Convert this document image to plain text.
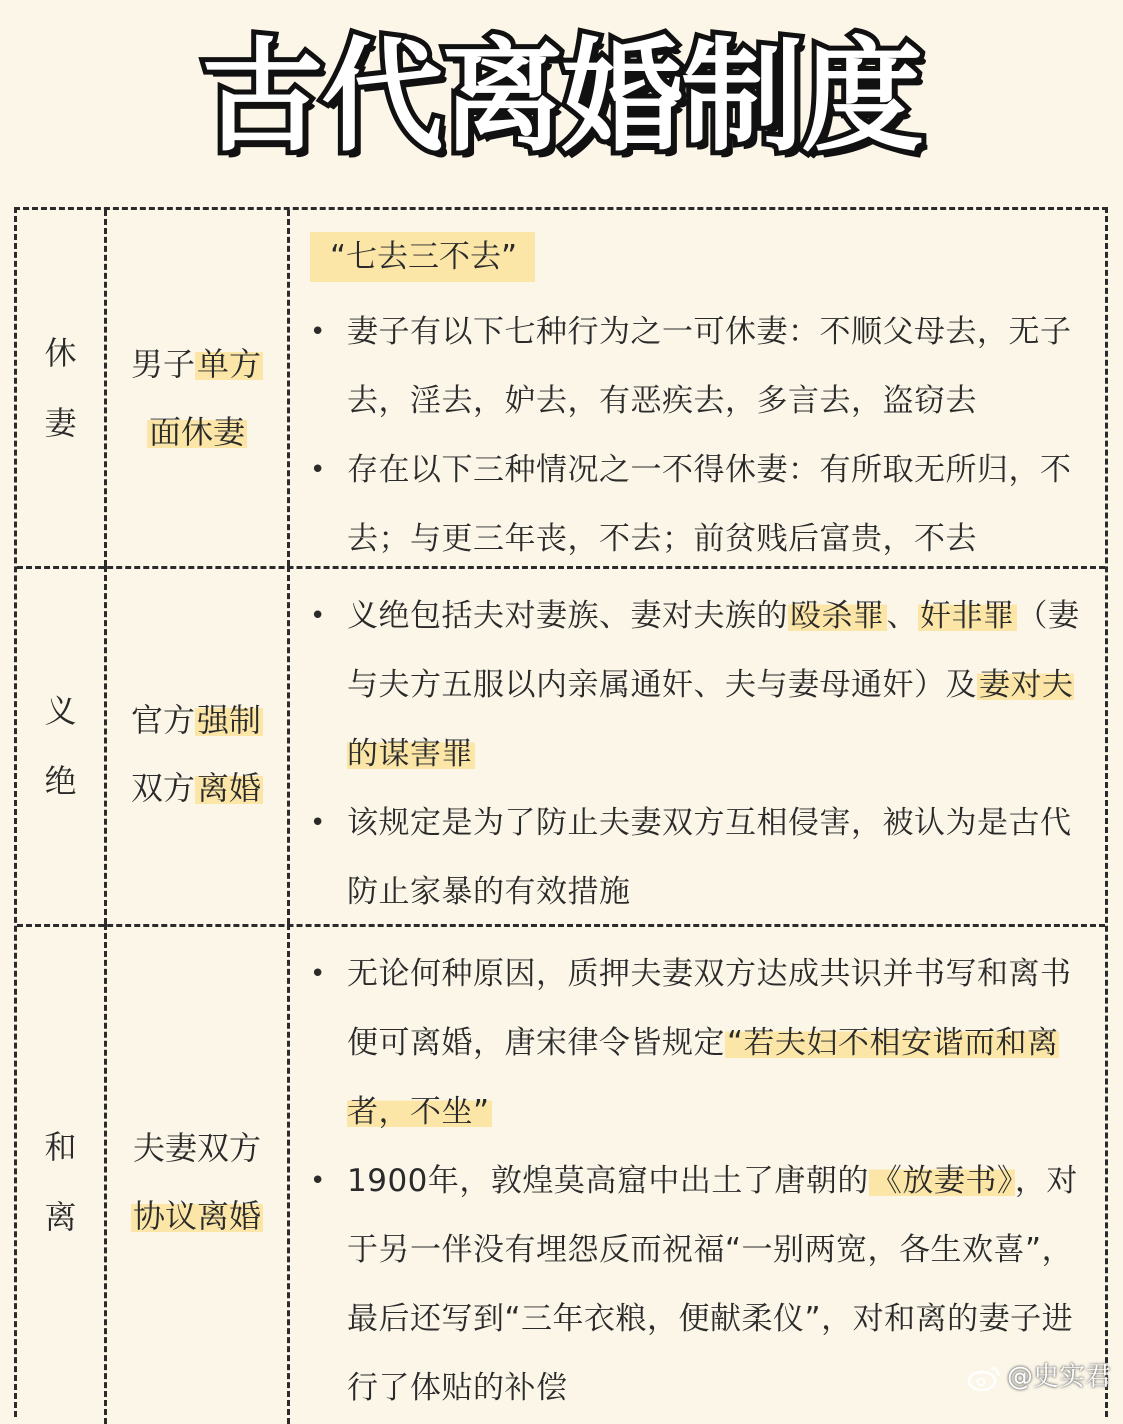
古代离婚制度
休
妻
男子单方
面休妻
“七去三不去”
• 妻子有以下七种行为之一可休妻：不顺父母去，无子去，淫去，妒去，有恶疾去，多言去，盗窃去
• 存在以下三种情况之一不得休妻：有所取无所归，不去；与更三年丧，不去；前贫贱后富贵，不去
义
绝
官方强制
双方离婚
• 义绝包括夫对妻族、妻对夫族的殴杀罪、奸非罪（妻与夫方五服以内亲属通奸、夫与妻母通奸）及妻对夫的谋害罪
• 该规定是为了防止夫妻双方互相侵害，被认为是古代防止家暴的有效措施
和
离
夫妻双方
协议离婚
• 无论何种原因，质押夫妻双方达成共识并书写和离书便可离婚，唐宋律令皆规定“若夫妇不相安谐而和离者，不坐”
• 1900年，敦煌莫高窟中出土了唐朝的《放妻书》，对于另一伴没有埋怨反而祝福“一别两宽，各生欢喜”，最后还写到“三年衣粮，便献柔仪”，对和离的妻子进行了体贴的补偿	@史实君
